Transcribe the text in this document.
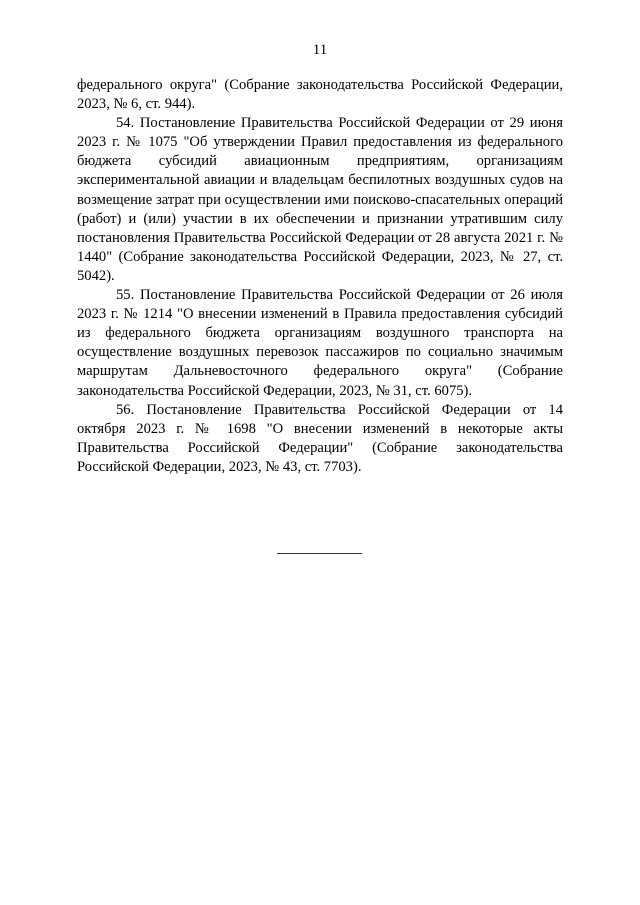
11

федерального округа" (Собрание законодательства Российской Федерации, 2023, № 6, ст. 944).

54. Постановление Правительства Российской Федерации от 29 июня 2023 г. № 1075 "Об утверждении Правил предоставления из федерального бюджета субсидий авиационным предприятиям, организациям экспериментальной авиации и владельцам беспилотных воздушных судов на возмещение затрат при осуществлении ими поисково-спасательных операций (работ) и (или) участии в их обеспечении и признании утратившим силу постановления Правительства Российской Федерации от 28 августа 2021 г. № 1440" (Собрание законодательства Российской Федерации, 2023, № 27, ст. 5042).

55. Постановление Правительства Российской Федерации от 26 июля 2023 г. № 1214 "О внесении изменений в Правила предоставления субсидий из федерального бюджета организациям воздушного транспорта на осуществление воздушных перевозок пассажиров по социально значимым маршрутам Дальневосточного федерального округа" (Собрание законодательства Российской Федерации, 2023, № 31, ст. 6075).

56. Постановление Правительства Российской Федерации от 14 октября 2023 г. № 1698 "О внесении изменений в некоторые акты Правительства Российской Федерации" (Собрание законодательства Российской Федерации, 2023, № 43, ст. 7703).
